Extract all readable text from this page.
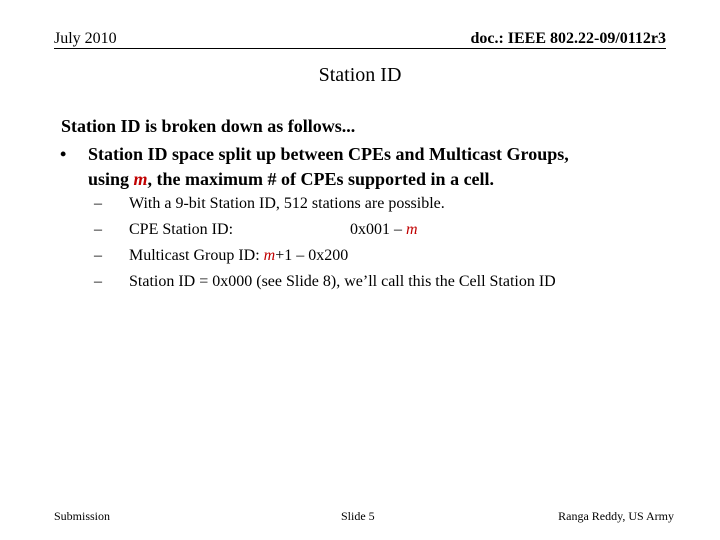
July 2010	doc.: IEEE 802.22-09/0112r3
Station ID
Station ID is broken down as follows...
• Station ID space split up between CPEs and Multicast Groups,
using m, the maximum # of CPEs supported in a cell.
– With a 9-bit Station ID, 512 stations are possible.
– CPE Station ID:	0x001 – m
– Multicast Group ID: m+1 – 0x200
– Station ID = 0x000 (see Slide 8), we’ll call this the Cell Station ID
Submission	Slide 5	Ranga Reddy, US Army
